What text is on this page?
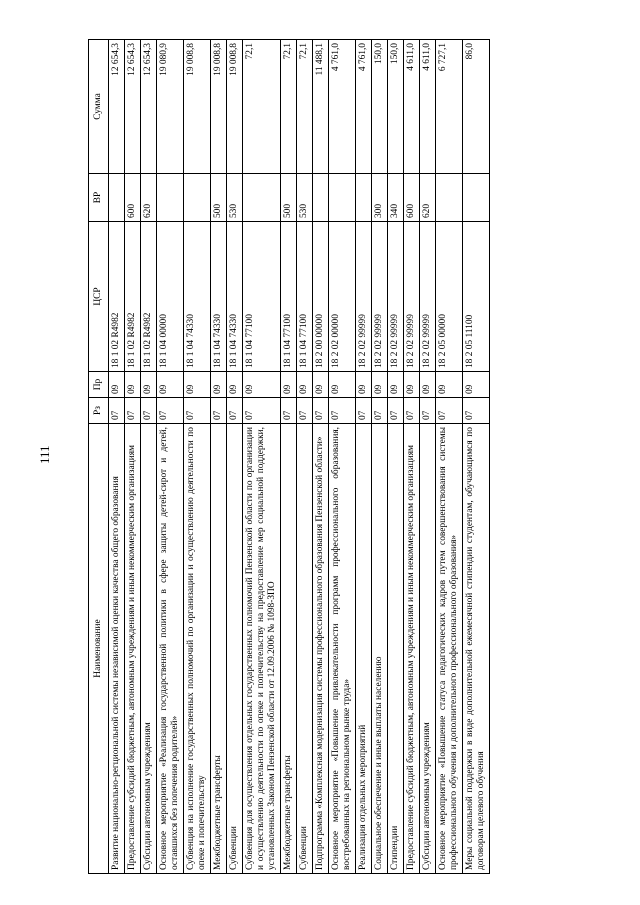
111
Наименование	Рз	Пр	ЦСР	ВР	Сумма
Развитие национально-регциональной системы независимой оценки качества общего образования	07	09	18 1 02 R4982		12 654,3
Предоставление субсидий бюджетным, автономным учреждениям и иным некоммерческим организациям	07	09	18 1 02 R4982	600	12 654,3
Субсидии автономным учреждениям	07	09	18 1 02 R4982	620	12 654,3
Основное мероприятие «Реализация государственной политики в сфере защиты детей-сирот и детей, оставшихся без попечения родителей»	07	09	18 1 04 00000		19 080,9
Субвенция на исполнение государственных полномочий по организации и осуществлению деятельности по опеке и попечительству	07	09	18 1 04 74330		19 008,8
Межбюджетные трансферты	07	09	18 1 04 74330	500	19 008,8
Субвенции	07	09	18 1 04 74330	530	19 008,8
Субвенция для осуществления отдельных государственных полномочий Пензенской области по организации и осуществлению деятельности по опеке и попечительству на предоставление мер социальной поддержки, установленных Законом Пензенской области от 12.09.2006 № 1098-ЗПО	07	09	18 1 04 77100		72,1
Межбюджетные трансферты	07	09	18 1 04 77100	500	72,1
Субвенции	07	09	18 1 04 77100	530	72,1
Подпрограмма «Комплексная модернизация системы профессионального образования Пензенской области»	07	09	18 2 00 00000		11 488,1
Основное мероприятие «Повышение привлекательности программ профессионального образования, востребованных на региональном рынке труда»	07	09	18 2 02 00000		4 761,0
Реализация отдельных мероприятий	07	09	18 2 02 99999		4 761,0
Социальное обеспечение и иные выплаты населению	07	09	18 2 02 99999	300	150,0
Стипендии	07	09	18 2 02 99999	340	150,0
Предоставление субсидий бюджетным, автономным учреждениям и иным некоммерческим организациям	07	09	18 2 02 99999	600	4 611,0
Субсидии автономным учреждениям	07	09	18 2 02 99999	620	4 611,0
Основное мероприятие «Повышение статуса педагогических кадров путем совершенствования системы профессионального обучения и дополнительного профессионального образования»	07	09	18 2 05 00000		6 727,1
Меры социальной поддержки в виде дополнительной ежемесячной стипендии студентам, обучающимся по договорам целевого обучения	07	09	18 2 05 11100		86,0
